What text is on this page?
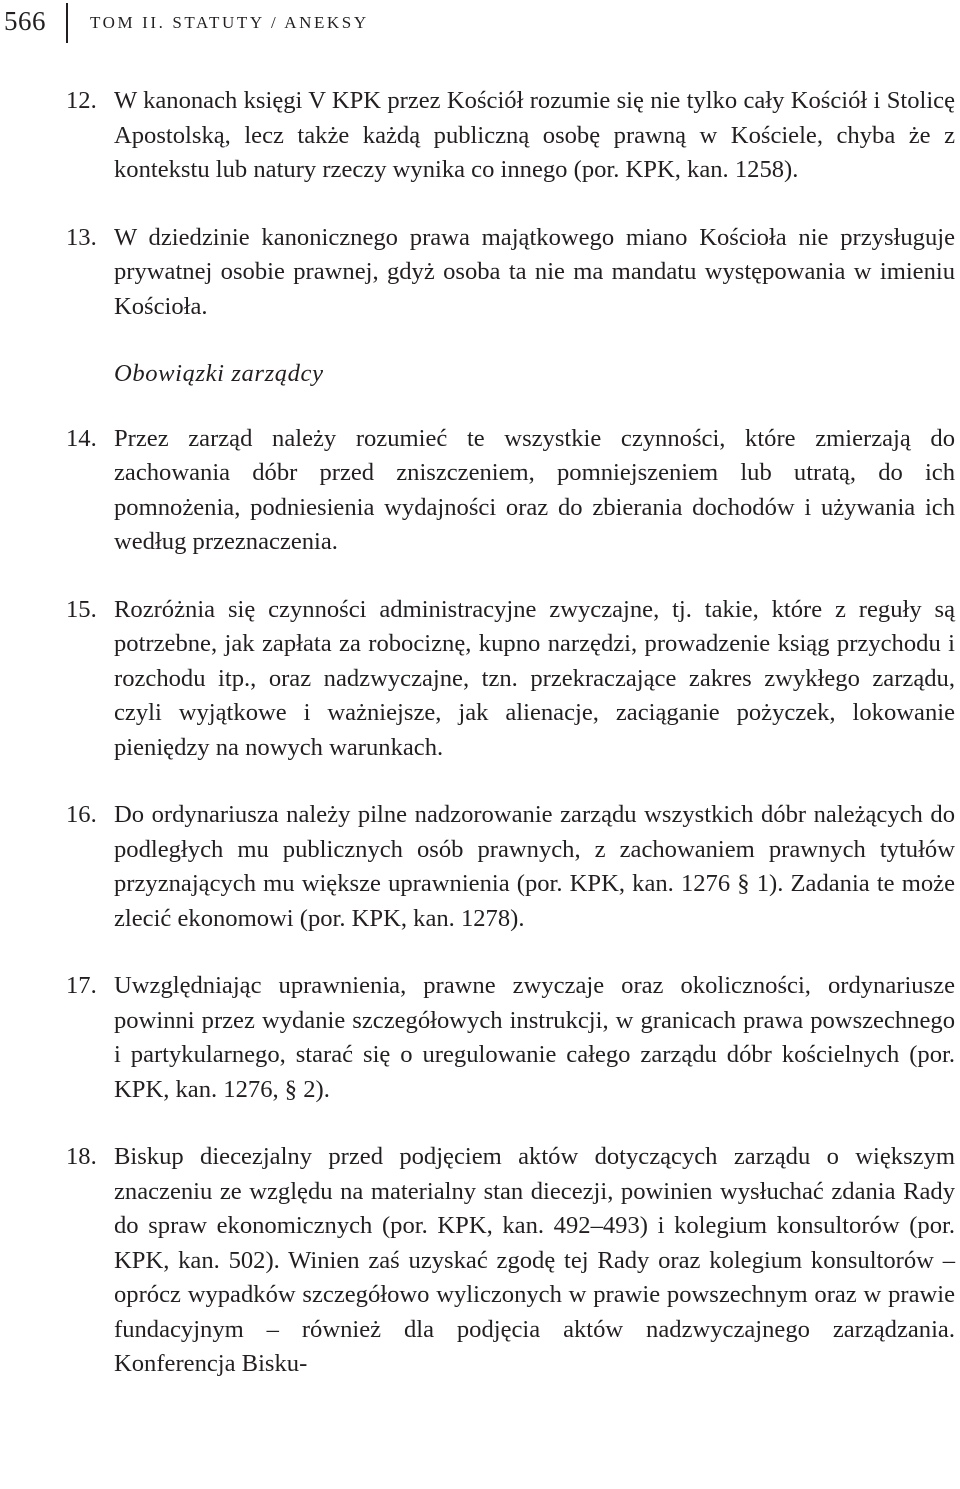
566	TOM II. STATUTY / ANEKSY
12. W kanonach księgi V KPK przez Kościół rozumie się nie tylko cały Kościół i Stolicę Apostolską, lecz także każdą publiczną osobę prawną w Kościele, chyba że z kontekstu lub natury rzeczy wynika co innego (por. KPK, kan. 1258).
13. W dziedzinie kanonicznego prawa majątkowego miano Kościoła nie przysługuje prywatnej osobie prawnej, gdyż osoba ta nie ma mandatu występowania w imieniu Kościoła.
Obowiązki zarządcy
14. Przez zarząd należy rozumieć te wszystkie czynności, które zmierzają do zachowania dóbr przed zniszczeniem, pomniejszeniem lub utratą, do ich pomnożenia, podniesienia wydajności oraz do zbierania dochodów i używania ich według przeznaczenia.
15. Rozróżnia się czynności administracyjne zwyczajne, tj. takie, które z reguły są potrzebne, jak zapłata za robociznę, kupno narzędzi, prowadzenie ksiąg przychodu i rozchodu itp., oraz nadzwyczajne, tzn. przekraczające zakres zwykłego zarządu, czyli wyjątkowe i ważniejsze, jak alienacje, zaciąganie pożyczek, lokowanie pieniędzy na nowych warunkach.
16. Do ordynariusza należy pilne nadzorowanie zarządu wszystkich dóbr należących do podległych mu publicznych osób prawnych, z zachowaniem prawnych tytułów przyznających mu większe uprawnienia (por. KPK, kan. 1276 § 1). Zadania te może zlecić ekonomowi (por. KPK, kan. 1278).
17. Uwzględniając uprawnienia, prawne zwyczaje oraz okoliczności, ordynariusze powinni przez wydanie szczegółowych instrukcji, w granicach prawa powszechnego i partykularnego, starać się o uregulowanie całego zarządu dóbr kościelnych (por. KPK, kan. 1276, § 2).
18. Biskup diecezjalny przed podjęciem aktów dotyczących zarządu o większym znaczeniu ze względu na materialny stan diecezji, powinien wysłuchać zdania Rady do spraw ekonomicznych (por. KPK, kan. 492–493) i kolegium konsultorów (por. KPK, kan. 502). Winien zaś uzyskać zgodę tej Rady oraz kolegium konsultorów – oprócz wypadków szczegółowo wyliczonych w prawie powszechnym oraz w prawie fundacyjnym – również dla podjęcia aktów nadzwyczajnego zarządzania. Konferencja Bisku-
